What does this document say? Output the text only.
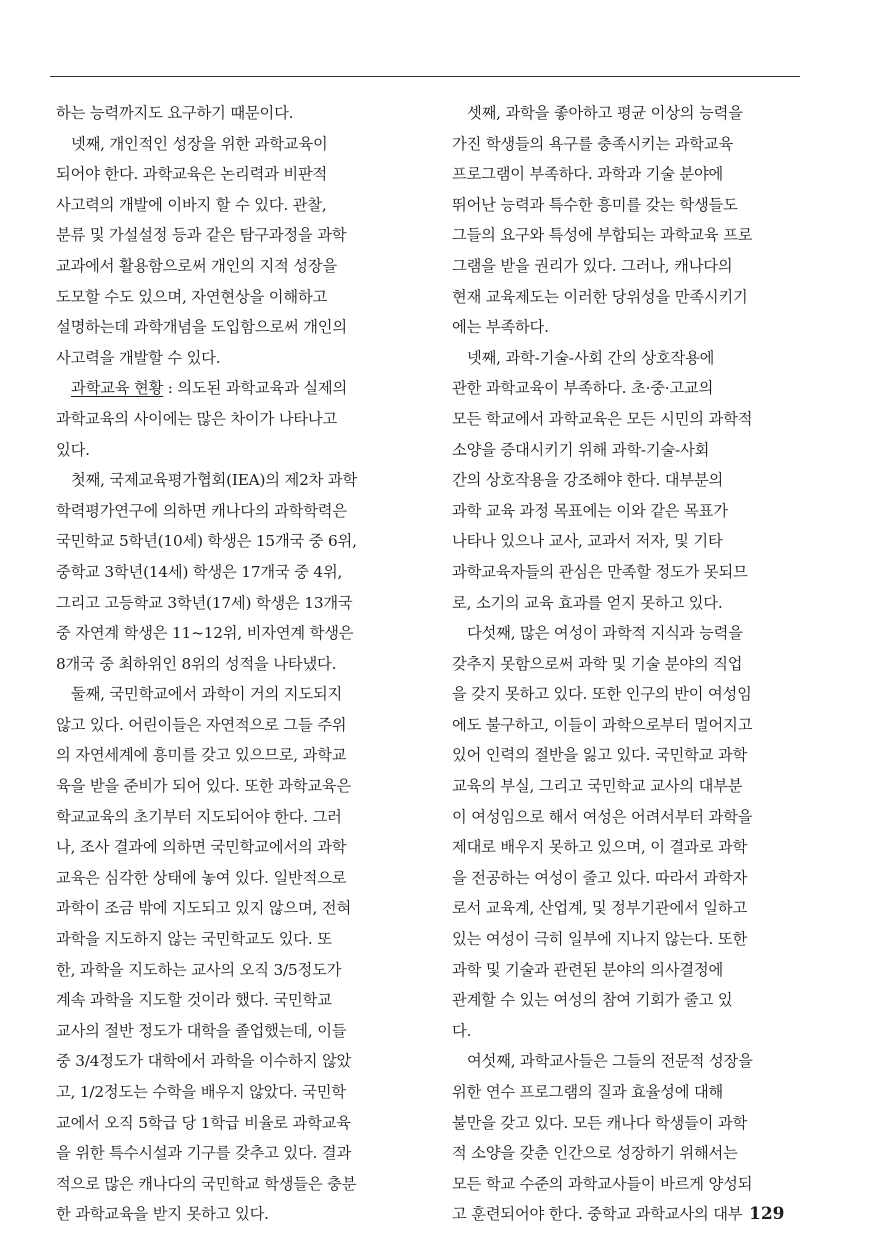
하는 능력까지도 요구하기 때문이다.
넷째, 개인적인 성장을 위한 과학교육이
되어야 한다. 과학교육은 논리력과 비판적
사고력의 개발에 이바지 할 수 있다. 관찰,
분류 및 가설설정 등과 같은 탐구과정을 과학
교과에서 활용함으로써 개인의 지적 성장을
도모할 수도 있으며, 자연현상을 이해하고
설명하는데 과학개념을 도입함으로써 개인의
사고력을 개발할 수 있다.
과학교육 현황 : 의도된 과학교육과 실제의
과학교육의 사이에는 많은 차이가 나타나고
있다.
첫째, 국제교육평가협회(IEA)의 제2차 과학
학력평가연구에 의하면 캐나다의 과학학력은
국민학교 5학년(10세) 학생은 15개국 중 6위,
중학교 3학년(14세) 학생은 17개국 중 4위,
그리고 고등학교 3학년(17세) 학생은 13개국
중 자연계 학생은 11~12위, 비자연계 학생은
8개국 중 최하위인 8위의 성적을 나타냈다.
둘째, 국민학교에서 과학이 거의 지도되지
않고 있다. 어린이들은 자연적으로 그들 주위
의 자연세계에 흥미를 갖고 있으므로, 과학교
육을 받을 준비가 되어 있다. 또한 과학교육은
학교교육의 초기부터 지도되어야 한다. 그러
나, 조사 결과에 의하면 국민학교에서의 과학
교육은 심각한 상태에 놓여 있다. 일반적으로
과학이 조금 밖에 지도되고 있지 않으며, 전혀
과학을 지도하지 않는 국민학교도 있다. 또
한, 과학을 지도하는 교사의 오직 3/5정도가
계속 과학을 지도할 것이라 했다. 국민학교
교사의 절반 정도가 대학을 졸업했는데, 이들
중 3/4정도가 대학에서 과학을 이수하지 않았
고, 1/2정도는 수학을 배우지 않았다. 국민학
교에서 오직 5학급 당 1학급 비율로 과학교육
을 위한 특수시설과 기구를 갖추고 있다. 결과
적으로 많은 캐나다의 국민학교 학생들은 충분
한 과학교육을 받지 못하고 있다.
셋째, 과학을 좋아하고 평균 이상의 능력을
가진 학생들의 욕구를 충족시키는 과학교육
프로그램이 부족하다. 과학과 기술 분야에
뛰어난 능력과 특수한 흥미를 갖는 학생들도
그들의 요구와 특성에 부합되는 과학교육 프로
그램을 받을 권리가 있다. 그러나, 캐나다의
현재 교육제도는 이러한 당위성을 만족시키기
에는 부족하다.
넷째, 과학-기술-사회 간의 상호작용에
관한 과학교육이 부족하다. 초·중·고교의
모든 학교에서 과학교육은 모든 시민의 과학적
소양을 증대시키기 위해 과학-기술-사회
간의 상호작용을 강조해야 한다. 대부분의
과학 교육 과정 목표에는 이와 같은 목표가
나타나 있으나 교사, 교과서 저자, 및 기타
과학교육자들의 관심은 만족할 정도가 못되므
로, 소기의 교육 효과를 얻지 못하고 있다.
다섯째, 많은 여성이 과학적 지식과 능력을
갖추지 못함으로써 과학 및 기술 분야의 직업
을 갖지 못하고 있다. 또한 인구의 반이 여성임
에도 불구하고, 이들이 과학으로부터 멀어지고
있어 인력의 절반을 잃고 있다. 국민학교 과학
교육의 부실, 그리고 국민학교 교사의 대부분
이 여성임으로 해서 여성은 어려서부터 과학을
제대로 배우지 못하고 있으며, 이 결과로 과학
을 전공하는 여성이 줄고 있다. 따라서 과학자
로서 교육계, 산업계, 및 정부기관에서 일하고
있는 여성이 극히 일부에 지나지 않는다. 또한
과학 및 기술과 관련된 분야의 의사결정에
관계할 수 있는 여성의 참여 기회가 줄고 있
다.
여섯째, 과학교사들은 그들의 전문적 성장을
위한 연수 프로그램의 질과 효율성에 대해
불만을 갖고 있다. 모든 캐나다 학생들이 과학
적 소양을 갖춘 인간으로 성장하기 위해서는
모든 학교 수준의 과학교사들이 바르게 양성되
고 훈련되어야 한다. 중학교 과학교사의 대부 129
